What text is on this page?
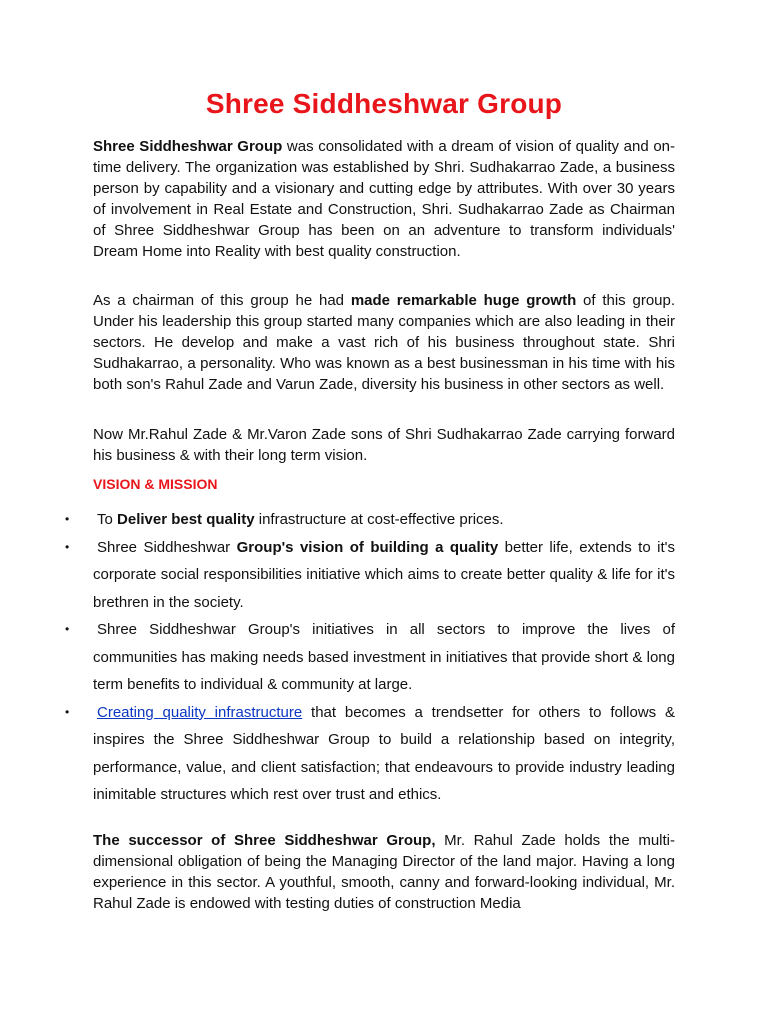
Shree Siddheshwar Group

Shree Siddheshwar Group was consolidated with a dream of vision of quality and on-time delivery. The organization was established by Shri. Sudhakarrao Zade, a business person by capability and a visionary and cutting edge by attributes. With over 30 years of involvement in Real Estate and Construction, Shri. Sudhakarrao Zade as Chairman of Shree Siddheshwar Group has been on an adventure to transform individuals' Dream Home into Reality with best quality construction.

As a chairman of this group he had made remarkable huge growth of this group. Under his leadership this group started many companies which are also leading in their sectors. He develop and make a vast rich of his business throughout state. Shri Sudhakarrao, a personality. Who was known as a best businessman in his time with his both son's Rahul Zade and Varun Zade, diversity his business in other sectors as well.

Now Mr.Rahul Zade & Mr.Varon Zade sons of Shri Sudhakarrao Zade carrying forward his business & with their long term vision.

VISION & MISSION
• To Deliver best quality infrastructure at cost-effective prices.
• Shree Siddheshwar Group's vision of building a quality better life, extends to it's corporate social responsibilities initiative which aims to create better quality & life for it's brethren in the society.
• Shree Siddheshwar Group's initiatives in all sectors to improve the lives of communities has making needs based investment in initiatives that provide short & long term benefits to individual & community at large.
• Creating quality infrastructure that becomes a trendsetter for others to follows & inspires the Shree Siddheshwar Group to build a relationship based on integrity, performance, value, and client satisfaction; that endeavours to provide industry leading inimitable structures which rest over trust and ethics.

The successor of Shree Siddheshwar Group, Mr. Rahul Zade holds the multi-dimensional obligation of being the Managing Director of the land major. Having a long experience in this sector. A youthful, smooth, canny and forward-looking individual, Mr. Rahul Zade is endowed with testing duties of construction Media
